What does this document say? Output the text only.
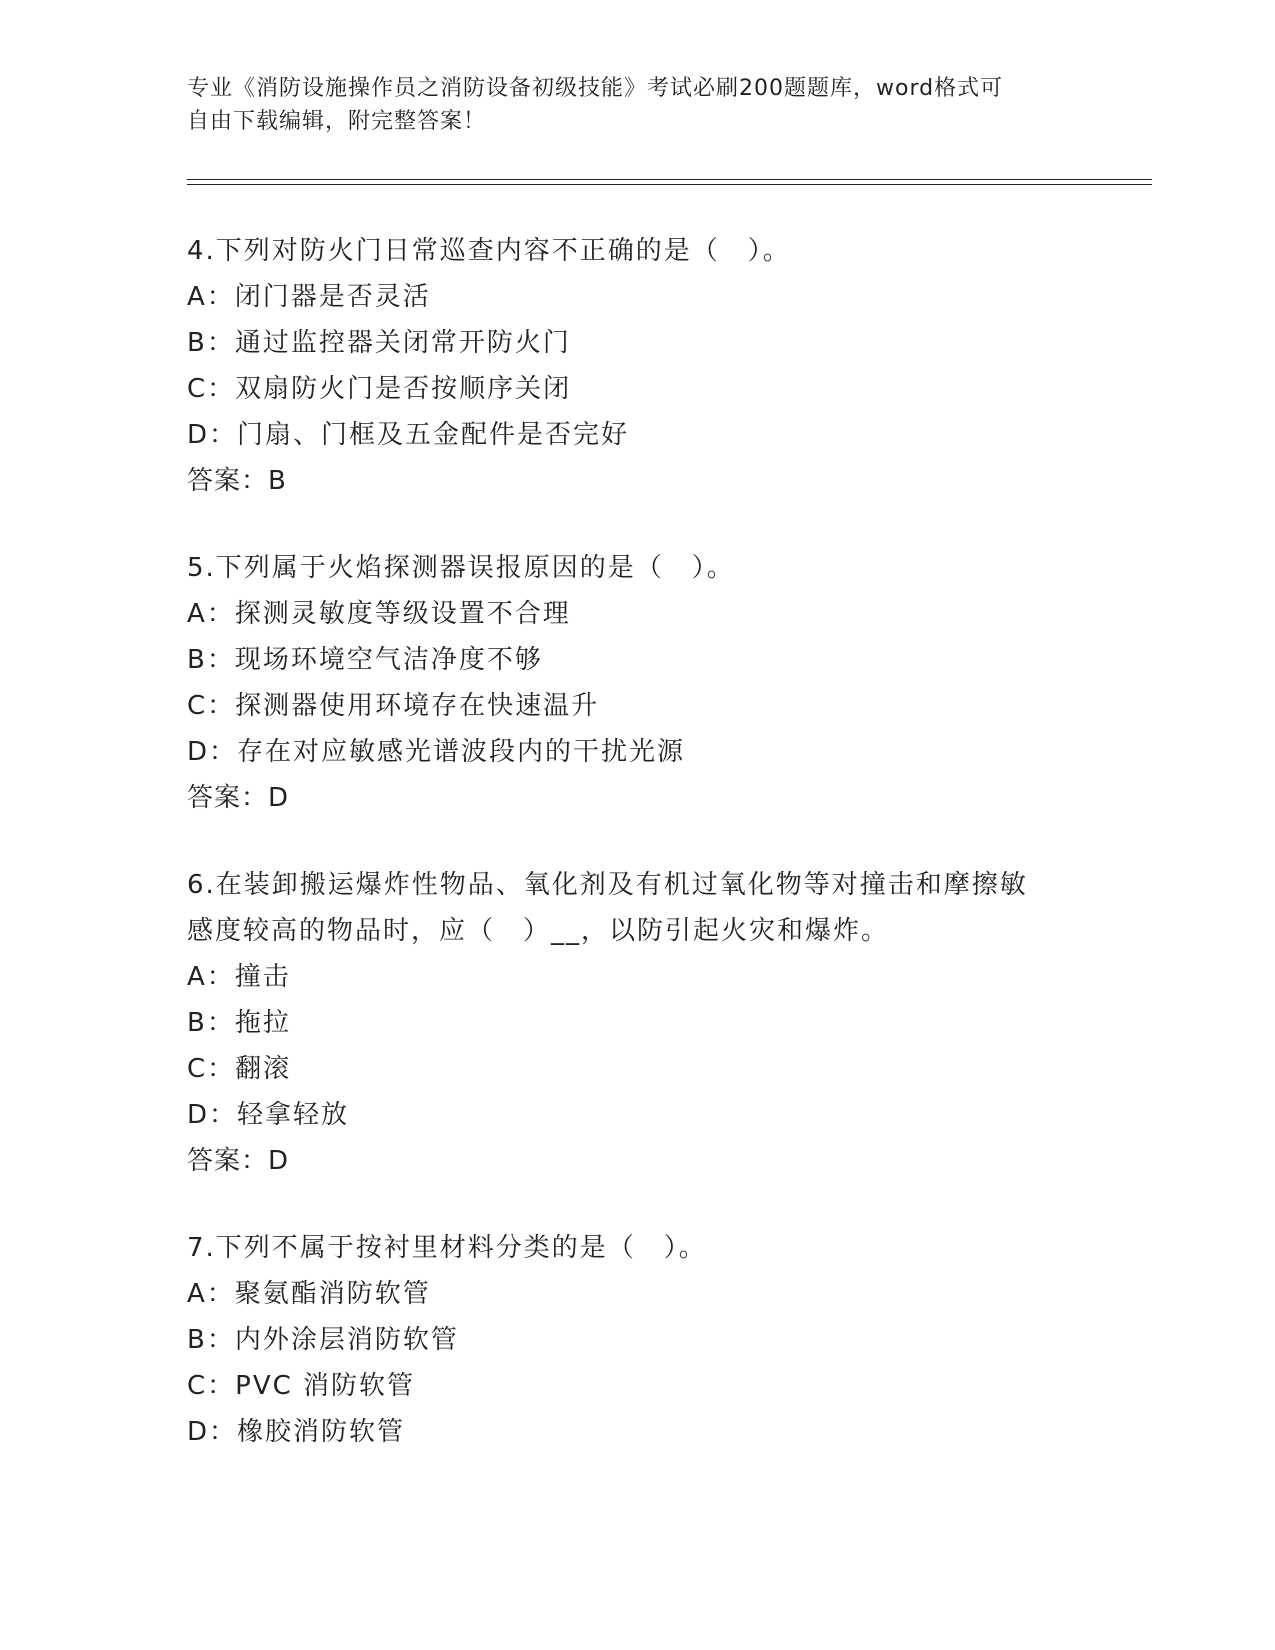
专业《消防设施操作员之消防设备初级技能》考试必刷200题题库，word格式可
自由下载编辑，附完整答案！
4.下列对防火门日常巡查内容不正确的是（　）。
A：闭门器是否灵活
B：通过监控器关闭常开防火门
C：双扇防火门是否按顺序关闭
D：门扇、门框及五金配件是否完好
答案：B
5.下列属于火焰探测器误报原因的是（　）。
A：探测灵敏度等级设置不合理
B：现场环境空气洁净度不够
C：探测器使用环境存在快速温升
D：存在对应敏感光谱波段内的干扰光源
答案：D
6.在装卸搬运爆炸性物品、氧化剂及有机过氧化物等对撞击和摩擦敏
感度较高的物品时，应（　）__，以防引起火灾和爆炸。
A：撞击
B：拖拉
C：翻滚
D：轻拿轻放
答案：D
7.下列不属于按衬里材料分类的是（　）。
A：聚氨酯消防软管
B：内外涂层消防软管
C：PVC 消防软管
D：橡胶消防软管
